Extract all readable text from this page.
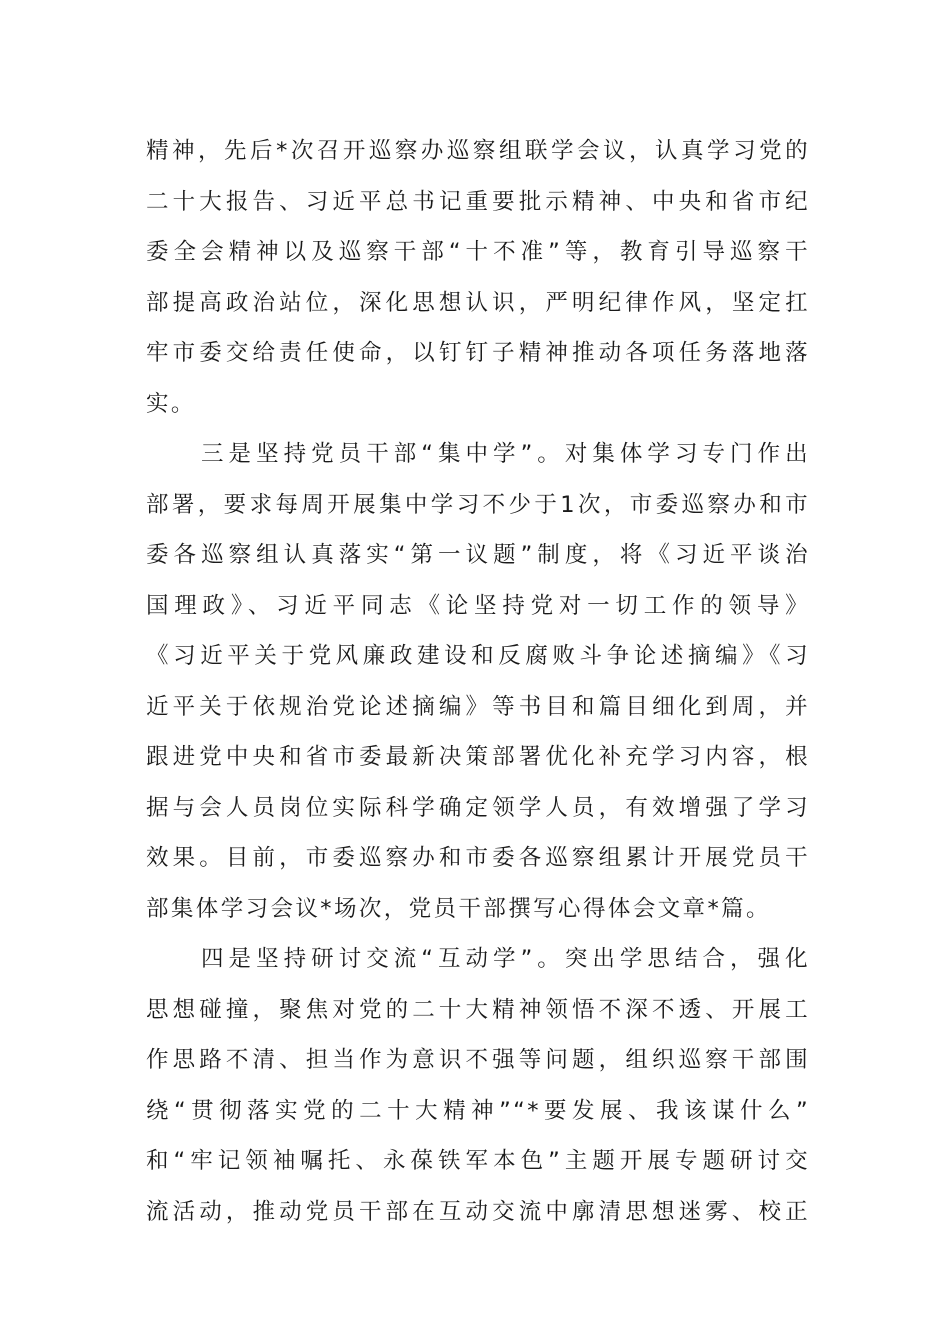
精神，先后*次召开巡察办巡察组联学会议，认真学习党的
二十大报告、习近平总书记重要批示精神、中央和省市纪
委全会精神以及巡察干部“十不准”等，教育引导巡察干
部提高政治站位，深化思想认识，严明纪律作风，坚定扛
牢市委交给责任使命，以钉钉子精神推动各项任务落地落
实。
三是坚持党员干部“集中学”。对集体学习专门作出
部署，要求每周开展集中学习不少于1次，市委巡察办和市
委各巡察组认真落实“第一议题”制度，将《习近平谈治
国理政》、习近平同志《论坚持党对一切工作的领导》
《习近平关于党风廉政建设和反腐败斗争论述摘编》《习
近平关于依规治党论述摘编》等书目和篇目细化到周，并
跟进党中央和省市委最新决策部署优化补充学习内容，根
据与会人员岗位实际科学确定领学人员，有效增强了学习
效果。目前，市委巡察办和市委各巡察组累计开展党员干
部集体学习会议*场次，党员干部撰写心得体会文章*篇。
四是坚持研讨交流“互动学”。突出学思结合，强化
思想碰撞，聚焦对党的二十大精神领悟不深不透、开展工
作思路不清、担当作为意识不强等问题，组织巡察干部围
绕“贯彻落实党的二十大精神”“*要发展、我该谋什么”
和“牢记领袖嘱托、永葆铁军本色”主题开展专题研讨交
流活动，推动党员干部在互动交流中廓清思想迷雾、校正
